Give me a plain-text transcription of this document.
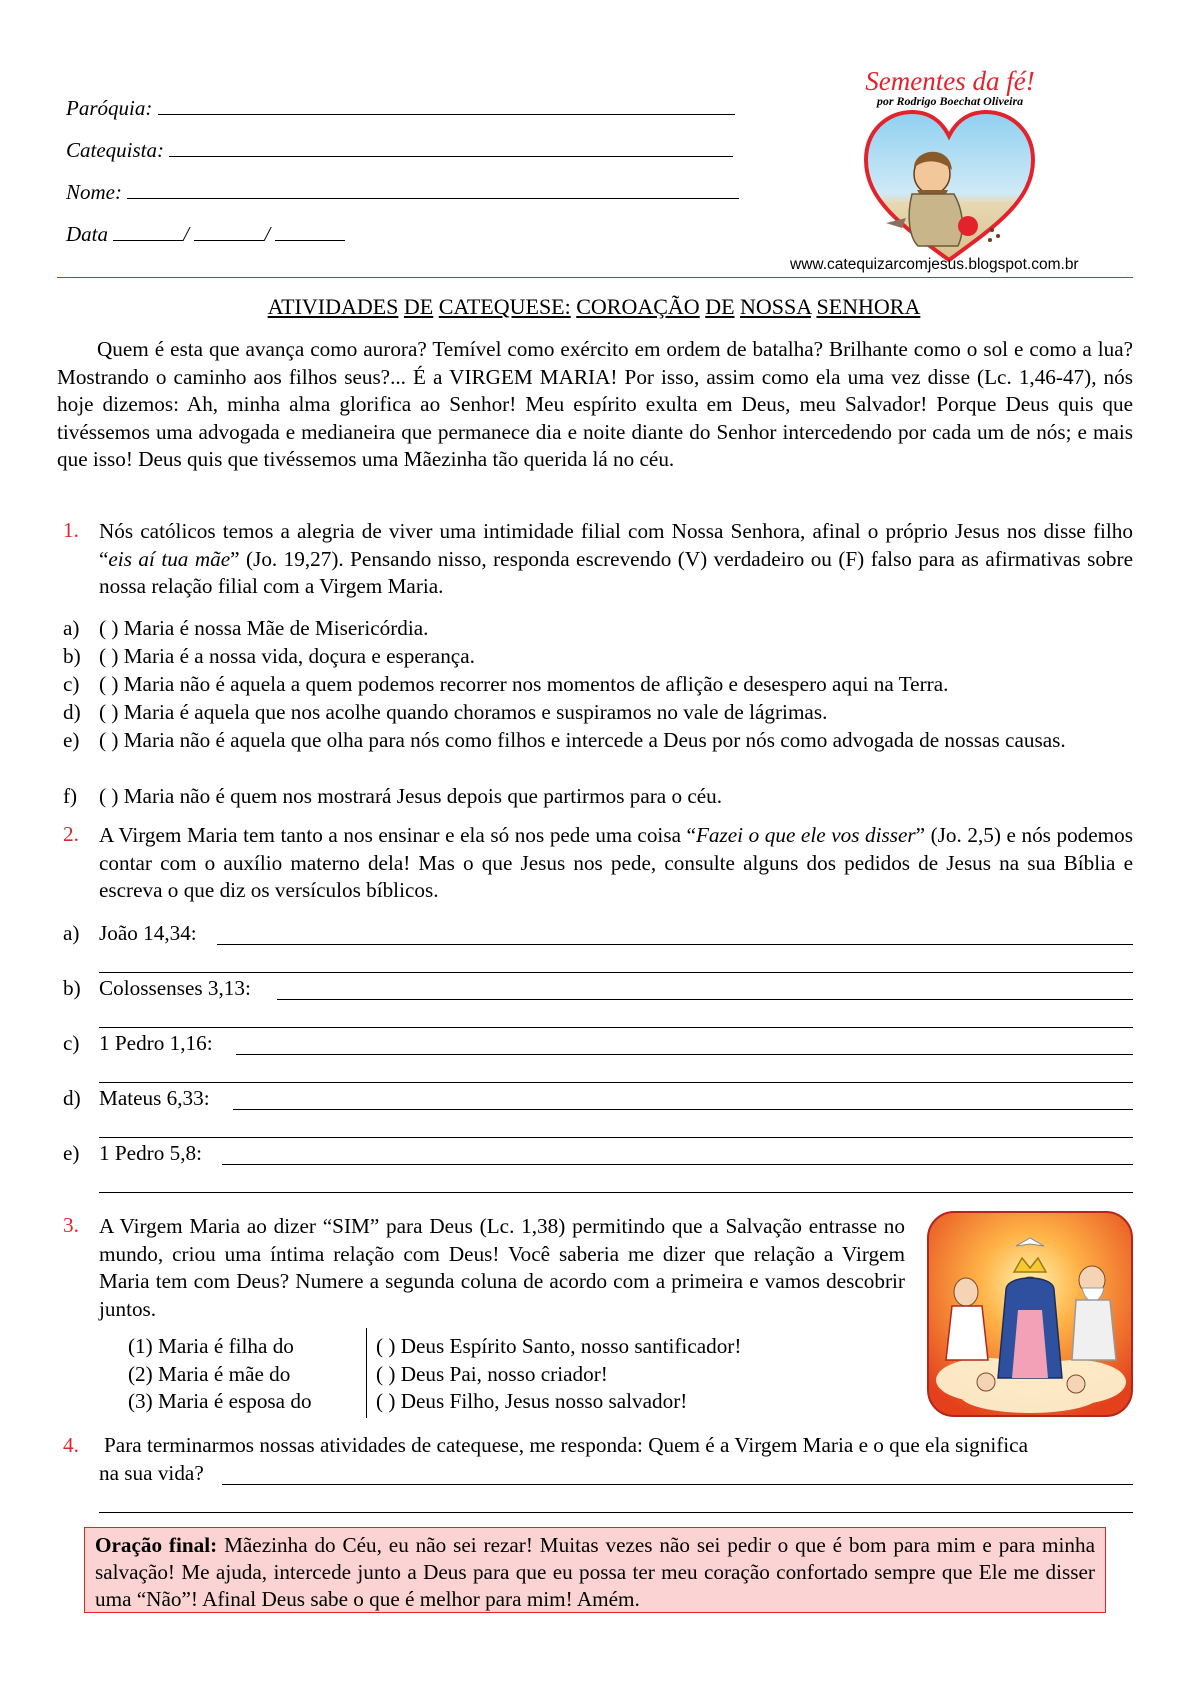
Paróquia:
Catequista:
Nome:
Data	/	/
Sementes da fé!
por Rodrigo Boechat Oliveira
www.catequizarcomjesus.blogspot.com.br
ATIVIDADES DE CATEQUESE: COROAÇÃO DE NOSSA SENHORA
Quem é esta que avança como aurora? Temível como exército em ordem de batalha? Brilhante como o sol e como a lua? Mostrando o caminho aos filhos seus?... É a VIRGEM MARIA! Por isso, assim como ela uma vez disse (Lc. 1,46-47), nós hoje dizemos: Ah, minha alma glorifica ao Senhor! Meu espírito exulta em Deus, meu Salvador! Porque Deus quis que tivéssemos uma advogada e medianeira que permanece dia e noite diante do Senhor intercedendo por cada um de nós; e mais que isso! Deus quis que tivéssemos uma Mãezinha tão querida lá no céu.
1. Nós católicos temos a alegria de viver uma intimidade filial com Nossa Senhora, afinal o próprio Jesus nos disse filho “eis aí tua mãe” (Jo. 19,27). Pensando nisso, responda escrevendo (V) verdadeiro ou (F) falso para as afirmativas sobre nossa relação filial com a Virgem Maria.
a) ( ) Maria é nossa Mãe de Misericórdia.
b) ( ) Maria é a nossa vida, doçura e esperança.
c) ( ) Maria não é aquela a quem podemos recorrer nos momentos de aflição e desespero aqui na Terra.
d) ( ) Maria é aquela que nos acolhe quando choramos e suspiramos no vale de lágrimas.
e) ( ) Maria não é aquela que olha para nós como filhos e intercede a Deus por nós como advogada de nossas causas.
f) ( ) Maria não é quem nos mostrará Jesus depois que partirmos para o céu.
2. A Virgem Maria tem tanto a nos ensinar e ela só nos pede uma coisa “Fazei o que ele vos disser” (Jo. 2,5) e nós podemos contar com o auxílio materno dela! Mas o que Jesus nos pede, consulte alguns dos pedidos de Jesus na sua Bíblia e escreva o que diz os versículos bíblicos.
a) João 14,34:
b) Colossenses 3,13:
c) 1 Pedro 1,16:
d) Mateus 6,33:
e) 1 Pedro 5,8:
3. A Virgem Maria ao dizer “SIM” para Deus (Lc. 1,38) permitindo que a Salvação entrasse no mundo, criou uma íntima relação com Deus! Você saberia me dizer que relação a Virgem Maria tem com Deus? Numere a segunda coluna de acordo com a primeira e vamos descobrir juntos.
(1) Maria é filha do
(2) Maria é mãe do
(3) Maria é esposa do
( ) Deus Espírito Santo, nosso santificador!
( ) Deus Pai, nosso criador!
( ) Deus Filho, Jesus nosso salvador!
4. Para terminarmos nossas atividades de catequese, me responda: Quem é a Virgem Maria e o que ela significa
na sua vida?
Oração final: Mãezinha do Céu, eu não sei rezar! Muitas vezes não sei pedir o que é bom para mim e para minha salvação! Me ajuda, intercede junto a Deus para que eu possa ter meu coração confortado sempre que Ele me disser uma “Não”! Afinal Deus sabe o que é melhor para mim! Amém.
